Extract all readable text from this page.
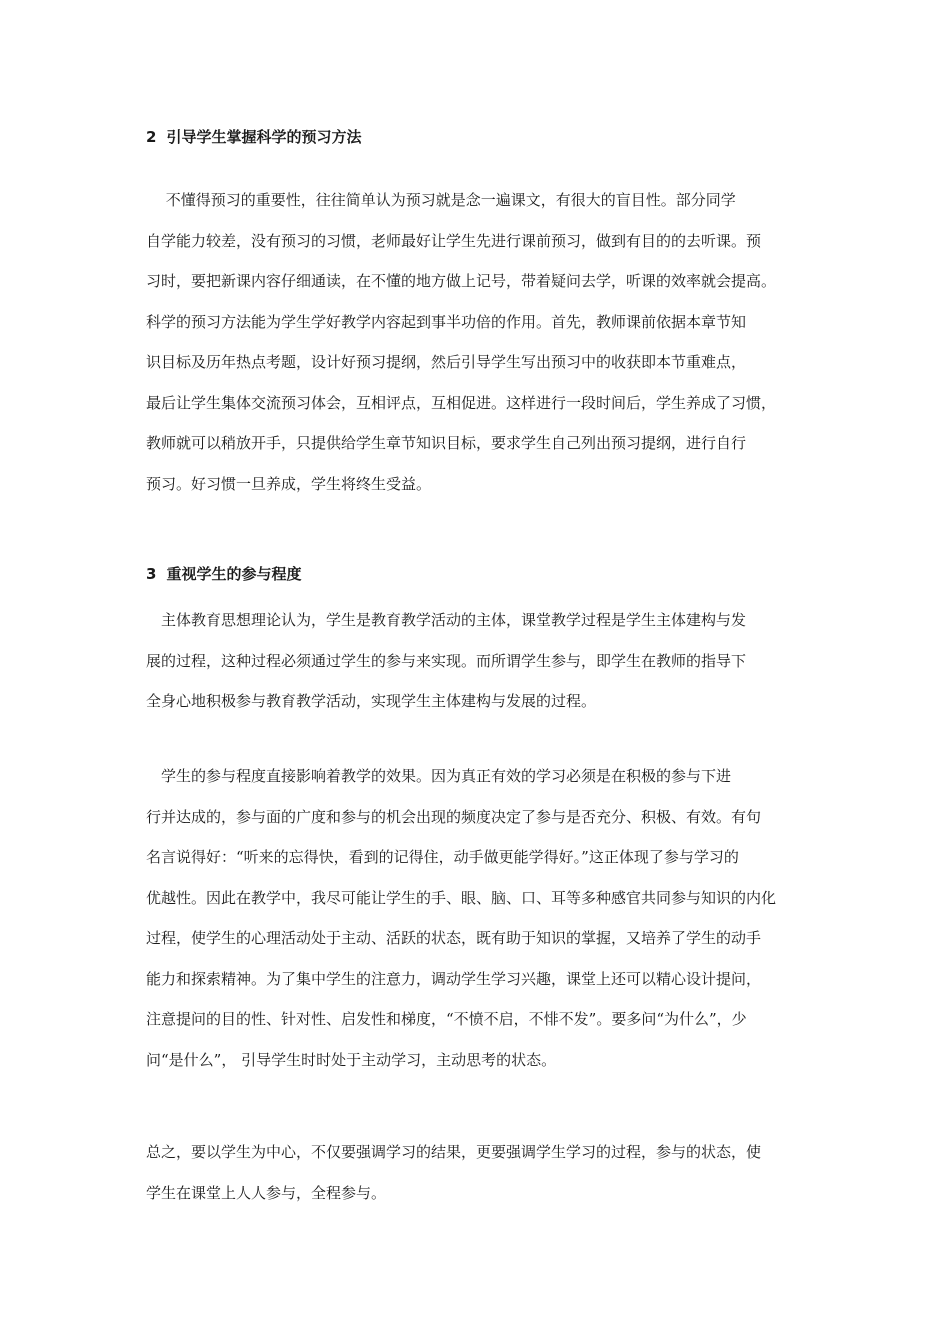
2 引导学生掌握科学的预习方法
　 不懂得预习的重要性，往往简单认为预习就是念一遍课文，有很大的盲目性。部分同学
自学能力较差，没有预习的习惯，老师最好让学生先进行课前预习，做到有目的的去听课。预
习时，要把新课内容仔细通读，在不懂的地方做上记号，带着疑问去学，听课的效率就会提高。
科学的预习方法能为学生学好教学内容起到事半功倍的作用。首先，教师课前依据本章节知
识目标及历年热点考题，设计好预习提纲，然后引导学生写出预习中的收获即本节重难点，
最后让学生集体交流预习体会，互相评点，互相促进。这样进行一段时间后，学生养成了习惯，
教师就可以稍放开手，只提供给学生章节知识目标，要求学生自己列出预习提纲，进行自行
预习。好习惯一旦养成，学生将终生受益。
3 重视学生的参与程度
　主体教育思想理论认为，学生是教育教学活动的主体，课堂教学过程是学生主体建构与发
展的过程，这种过程必须通过学生的参与来实现。而所谓学生参与，即学生在教师的指导下
全身心地积极参与教育教学活动，实现学生主体建构与发展的过程。
　学生的参与程度直接影响着教学的效果。因为真正有效的学习必须是在积极的参与下进
行并达成的，参与面的广度和参与的机会出现的频度决定了参与是否充分、积极、有效。有句
名言说得好：“听来的忘得快，看到的记得住，动手做更能学得好。”这正体现了参与学习的
优越性。因此在教学中，我尽可能让学生的手、眼、脑、口、耳等多种感官共同参与知识的内化
过程，使学生的心理活动处于主动、活跃的状态，既有助于知识的掌握，又培养了学生的动手
能力和探索精神。为了集中学生的注意力，调动学生学习兴趣，课堂上还可以精心设计提问，
注意提问的目的性、针对性、启发性和梯度，“不愤不启，不悱不发”。要多问“为什么”，少
问“是什么”， 引导学生时时处于主动学习，主动思考的状态。
总之，要以学生为中心，不仅要强调学习的结果，更要强调学生学习的过程，参与的状态，使
学生在课堂上人人参与，全程参与。
